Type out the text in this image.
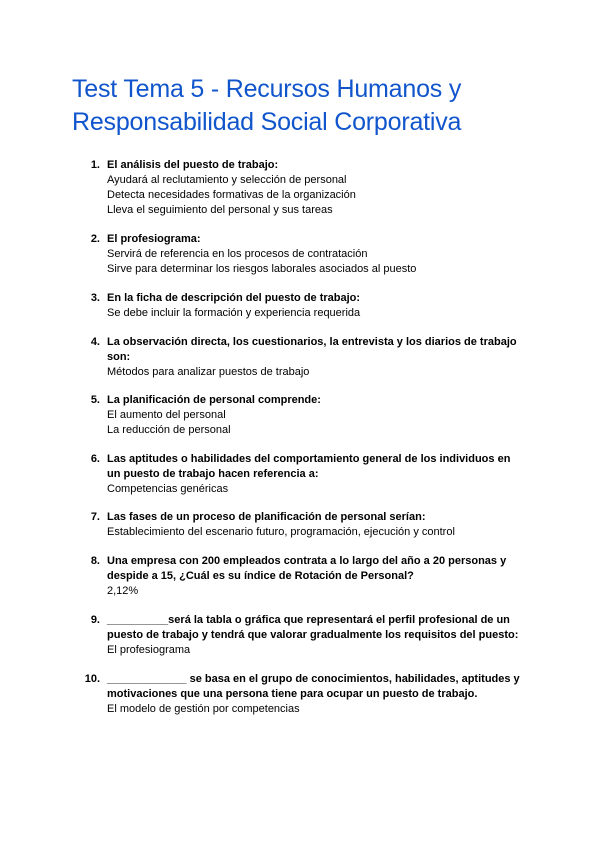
Test Tema 5 - Recursos Humanos y Responsabilidad Social Corporativa
1. El análisis del puesto de trabajo:

Ayudará al reclutamiento y selección de personal
Detecta necesidades formativas de la organización
Lleva el seguimiento del personal y sus tareas
2. El profesiograma:

Servirá de referencia en los procesos de contratación
Sirve para determinar los riesgos laborales asociados al puesto
3. En la ficha de descripción del puesto de trabajo:

Se debe incluir la formación y experiencia requerida
4. La observación directa, los cuestionarios, la entrevista y los diarios de trabajo son:

Métodos para analizar puestos de trabajo
5. La planificación de personal comprende:

El aumento del personal
La reducción de personal
6. Las aptitudes o habilidades del comportamiento general de los individuos en un puesto de trabajo hacen referencia a:

Competencias genéricas
7. Las fases de un proceso de planificación de personal serían:

Establecimiento del escenario futuro, programación, ejecución y control
8. Una empresa con 200 empleados contrata a lo largo del año a 20 personas y despide a 15, ¿Cuál es su índice de Rotación de Personal?

2,12%
9. __________será la tabla o gráfica que representará el perfil profesional de un puesto de trabajo y tendrá que valorar gradualmente los requisitos del puesto:

El profesiograma
10. _____________ se basa en el grupo de conocimientos, habilidades, aptitudes y motivaciones que una persona tiene para ocupar un puesto de trabajo.

El modelo de gestión por competencias
